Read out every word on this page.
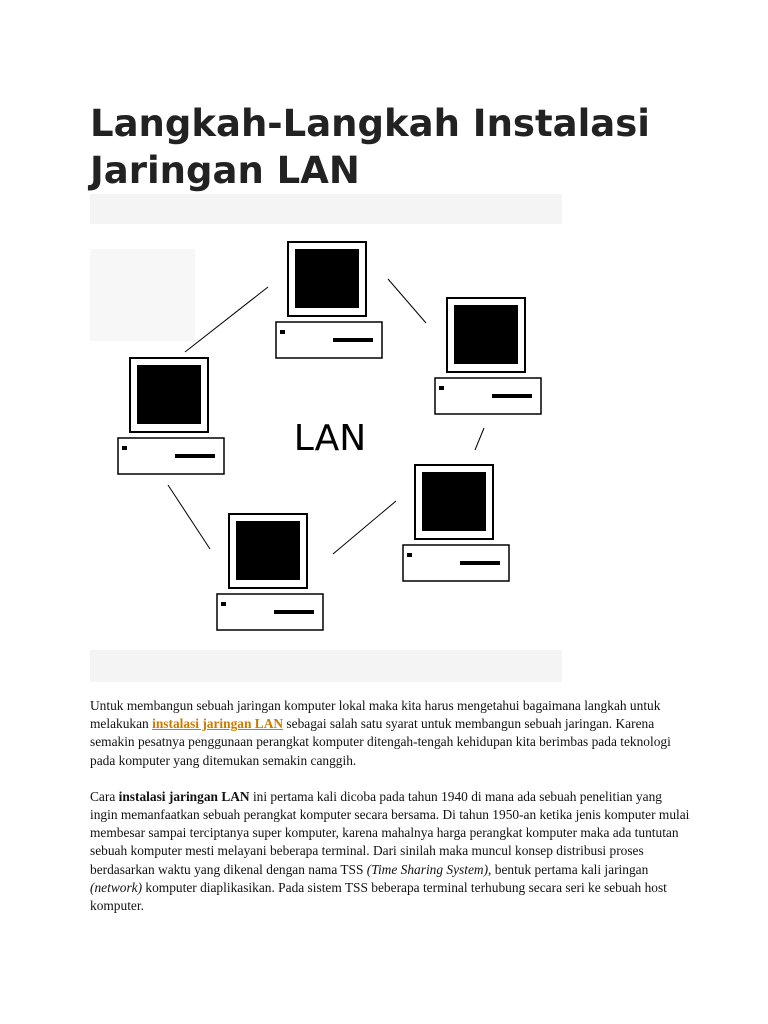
Langkah-Langkah Instalasi Jaringan LAN
LAN

Untuk membangun sebuah jaringan komputer lokal maka kita harus mengetahui bagaimana langkah untuk melakukan instalasi jaringan LAN sebagai salah satu syarat untuk membangun sebuah jaringan. Karena semakin pesatnya penggunaan perangkat komputer ditengah-tengah kehidupan kita berimbas pada teknologi pada komputer yang ditemukan semakin canggih.

Cara instalasi jaringan LAN ini pertama kali dicoba pada tahun 1940 di mana ada sebuah penelitian yang ingin memanfaatkan sebuah perangkat komputer secara bersama. Di tahun 1950-an ketika jenis komputer mulai membesar sampai terciptanya super komputer, karena mahalnya harga perangkat komputer maka ada tuntutan sebuah komputer mesti melayani beberapa terminal. Dari sinilah maka muncul konsep distribusi proses berdasarkan waktu yang dikenal dengan nama TSS (Time Sharing System), bentuk pertama kali jaringan (network) komputer diaplikasikan. Pada sistem TSS beberapa terminal terhubung secara seri ke sebuah host komputer.
